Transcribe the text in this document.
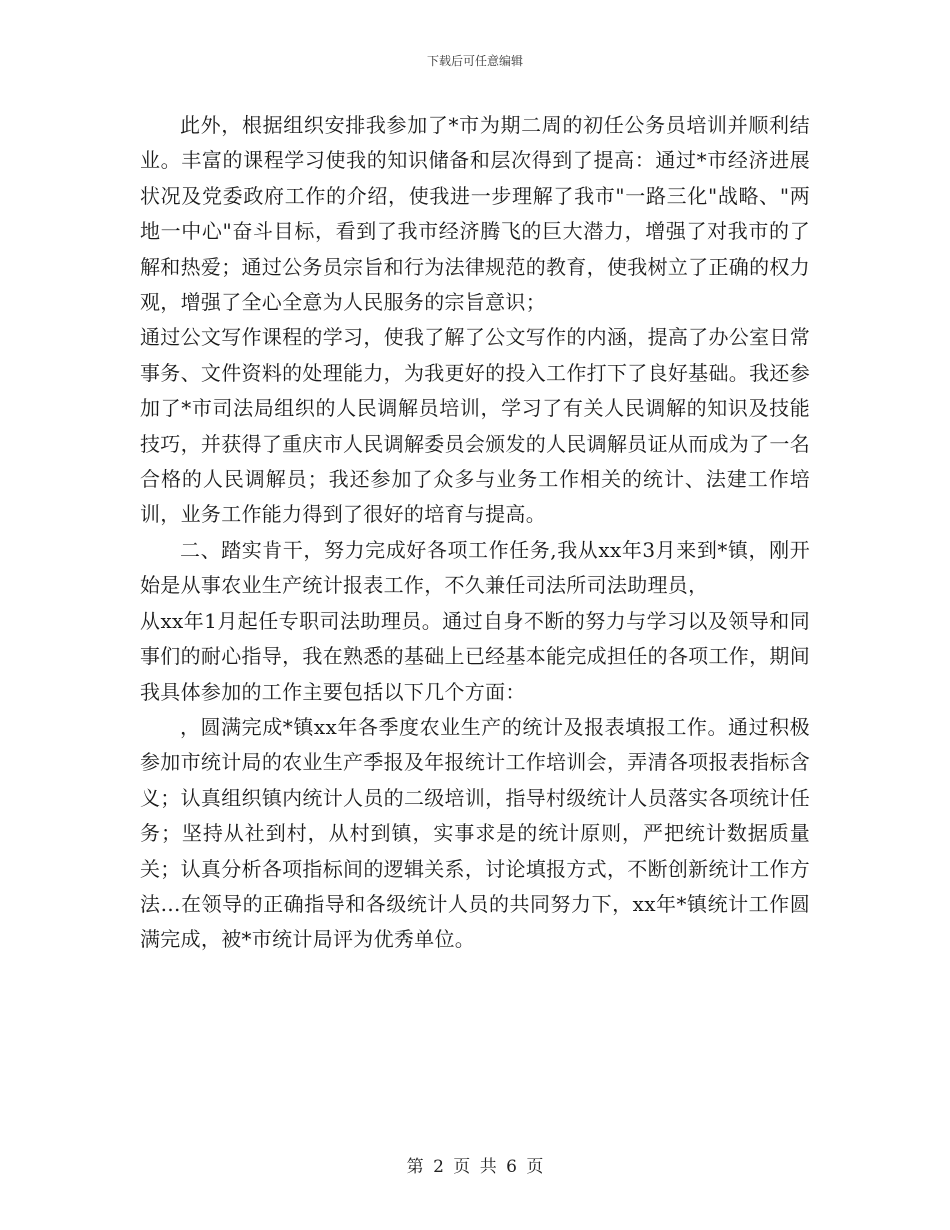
下载后可任意编辑

此外，根据组织安排我参加了*市为期二周的初任公务员培训并顺利结业。丰富的课程学习使我的知识储备和层次得到了提高：通过*市经济进展状况及党委政府工作的介绍，使我进一步理解了我市"一路三化"战略、"两地一中心"奋斗目标，看到了我市经济腾飞的巨大潜力，增强了对我市的了解和热爱；通过公务员宗旨和行为法律规范的教育，使我树立了正确的权力观，增强了全心全意为人民服务的宗旨意识；

通过公文写作课程的学习，使我了解了公文写作的内涵，提高了办公室日常事务、文件资料的处理能力，为我更好的投入工作打下了良好基础。我还参加了*市司法局组织的人民调解员培训，学习了有关人民调解的知识及技能技巧，并获得了重庆市人民调解委员会颁发的人民调解员证从而成为了一名合格的人民调解员；我还参加了众多与业务工作相关的统计、法建工作培训，业务工作能力得到了很好的培育与提高。

二、踏实肯干，努力完成好各项工作任务,我从xx年3月来到*镇，刚开始是从事农业生产统计报表工作，不久兼任司法所司法助理员，

从xx年1月起任专职司法助理员。通过自身不断的努力与学习以及领导和同事们的耐心指导，我在熟悉的基础上已经基本能完成担任的各项工作，期间我具体参加的工作主要包括以下几个方面：

，圆满完成*镇xx年各季度农业生产的统计及报表填报工作。通过积极参加市统计局的农业生产季报及年报统计工作培训会，弄清各项报表指标含义；认真组织镇内统计人员的二级培训，指导村级统计人员落实各项统计任务；坚持从社到村，从村到镇，实事求是的统计原则，严把统计数据质量关；认真分析各项指标间的逻辑关系，讨论填报方式，不断创新统计工作方法…在领导的正确指导和各级统计人员的共同努力下，xx年*镇统计工作圆满完成，被*市统计局评为优秀单位。

第 2 页 共 6 页
